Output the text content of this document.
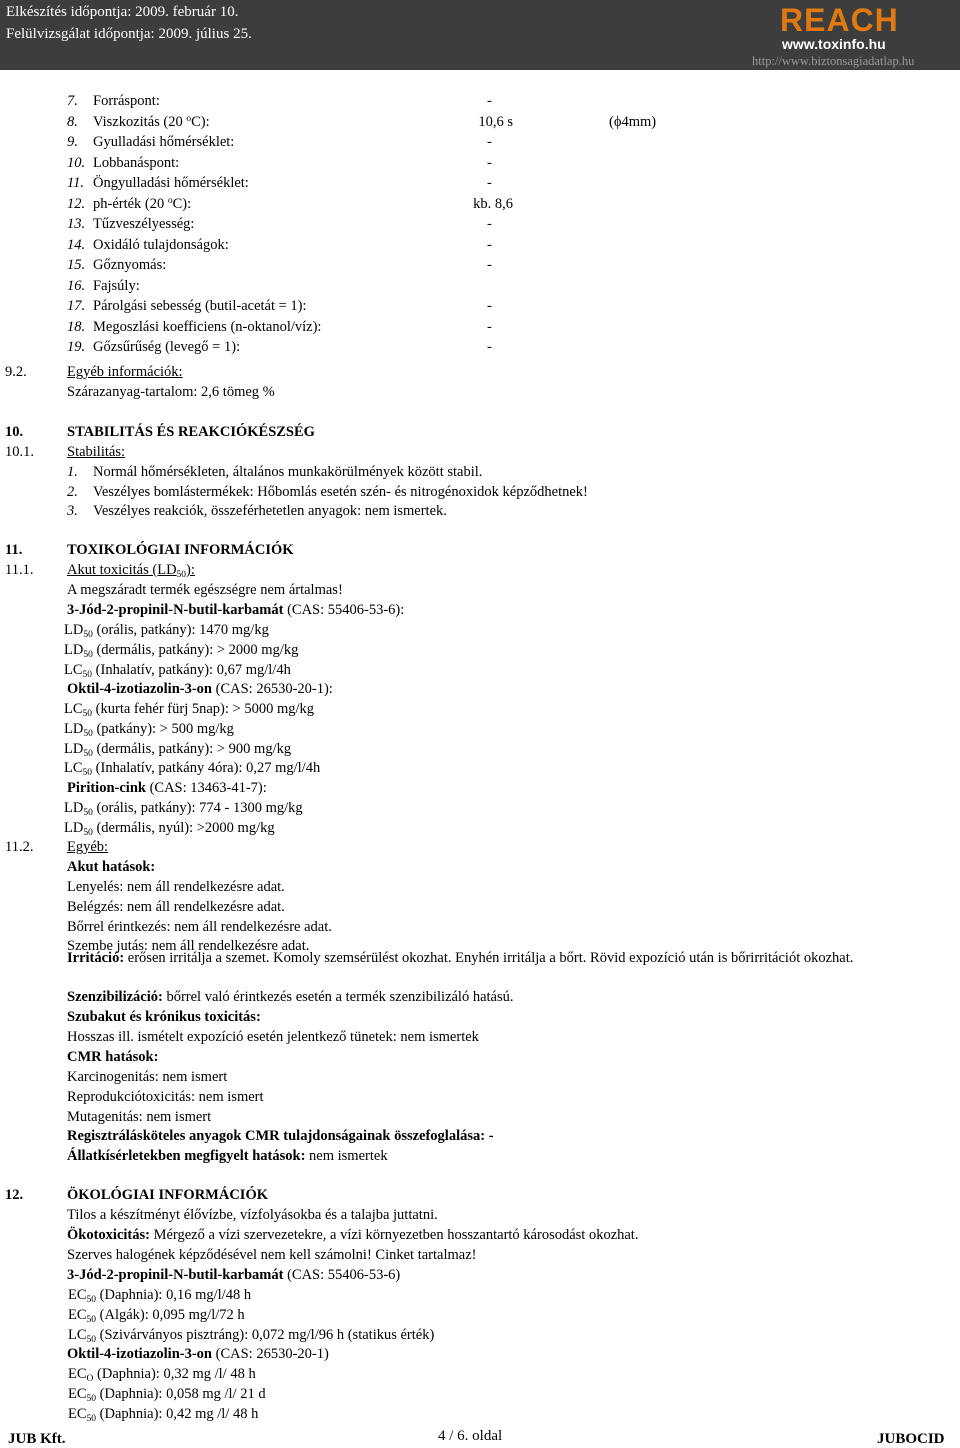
Elkészítés időpontja: 2009. február 10.
Felülvizsgálat időpontja: 2009. július 25.	REACH
www.toxinfo.hu
http://www.biztonsagiadatlap.hu
7. Forráspont:	-
8. Viszkozitás (20 $^o$C):	10,6 s	(ϕ4mm)
9. Gyulladási hőmérséklet:	-
10. Lobbanáspont:	-
11. Öngyulladási hőmérséklet:	-
12. ph-érték (20 $^o$C):	kb. 8,6
13. Tűzveszélyesség:	-
14. Oxidáló tulajdonságok:	-
15. Gőznyomás:	-
16. Fajsúly:
17. Párolgási sebesség (butil-acetát = 1):	-
18. Megoszlási koefficiens (n-oktanol/víz):	-
19. Gőzsűrűség (levegő = 1):	-
9.2.	Egyéb információk:
Szárazanyag-tartalom: 2,6 tömeg %
10.	STABILITÁS ÉS REAKCIÓKÉSZSÉG
10.1. Stabilitás:
1. Normál hőmérsékleten, általános munkakörülmények között stabil.
2. Veszélyes bomlástermékek: Hőbomlás esetén szén- és nitrogénoxidok képződhetnek!
3. Veszélyes reakciók, összeférhetetlen anyagok: nem ismertek.
11.	TOXIKOLÓGIAI INFORMÁCIÓK
11.1. Akut toxicitás $(LD_{50})$:
A megszáradt termék egészségre nem ártalmas!
3-Jód-2-propinil-N-butil-karbamát (CAS: 55406-53-6):
$LD_{50}$ (orális, patkány): 1470 mg/kg
$LD_{50}$ (dermális, patkány): > 2000 mg/kg
$LC_{50}$ (Inhalatív, patkány): 0,67 mg/l/4h
Oktil-4-izotiazolin-3-on (CAS: 26530-20-1):
$LC_{50}$ (kurta fehér fürj 5nap): > 5000 mg/kg
$LD_{50}$ (patkány): > 500 mg/kg
$LD_{50}$ (dermális, patkány): > 900 mg/kg
$LC_{50}$ (Inhalatív, patkány 4óra): 0,27 mg/l/4h
Pirition-cink (CAS: 13463-41-7):
$LD_{50}$ (orális, patkány): 774 - 1300 mg/kg
$LD_{50}$ (dermális, nyúl): >2000 mg/kg
11.2. Egyéb:
Akut hatások:
Lenyelés: nem áll rendelkezésre adat.
Belégzés: nem áll rendelkezésre adat.
Bőrrel érintkezés: nem áll rendelkezésre adat.
Szembe jutás: nem áll rendelkezésre adat.
Irritáció: erősen irritálja a szemet. Komoly szemsérülést okozhat. Enyhén irritálja a bőrt. Rövid expozíció után is bőrirritációt okozhat.
Szenzibilizáció: bőrrel való érintkezés esetén a termék szenzibilizáló hatású.
Szubakut és krónikus toxicitás:
Hosszas ill. ismételt expozíció esetén jelentkező tünetek: nem ismertek
CMR hatások:
Karcinogenitás: nem ismert
Reprodukciótoxicitás: nem ismert
Mutagenitás: nem ismert
Regisztrálásköteles anyagok CMR tulajdonságainak összefoglalása: -
Állatkísérletekben megfigyelt hatások: nem ismertek
12.	ÖKOLÓGIAI INFORMÁCIÓK
Tilos a készítményt élővízbe, vízfolyásokba és a talajba juttatni.
Ökotoxicitás: Mérgező a vízi szervezetekre, a vízi környezetben hosszantartó károsodást okozhat.
Szerves halogének képződésével nem kell számolni! Cinket tartalmaz!
3-Jód-2-propinil-N-butil-karbamát (CAS: 55406-53-6)
$EC_{50}$ (Daphnia): 0,16 mg/l/48 h
$EC_{50}$ (Algák): 0,095 mg/l/72 h
$LC_{50}$ (Szivárványos pisztráng): 0,072 mg/l/96 h (statikus érték)
Oktil-4-izotiazolin-3-on (CAS: 26530-20-1)
$EC_O$ (Daphnia): 0,32 mg /l/ 48 h
$EC_{50}$ (Daphnia): 0,058 mg /l/ 21 d
$EC_{50}$ (Daphnia): 0,42 mg /l/ 48 h
JUB Kft.	4 / 6. oldal	JUBOCID
